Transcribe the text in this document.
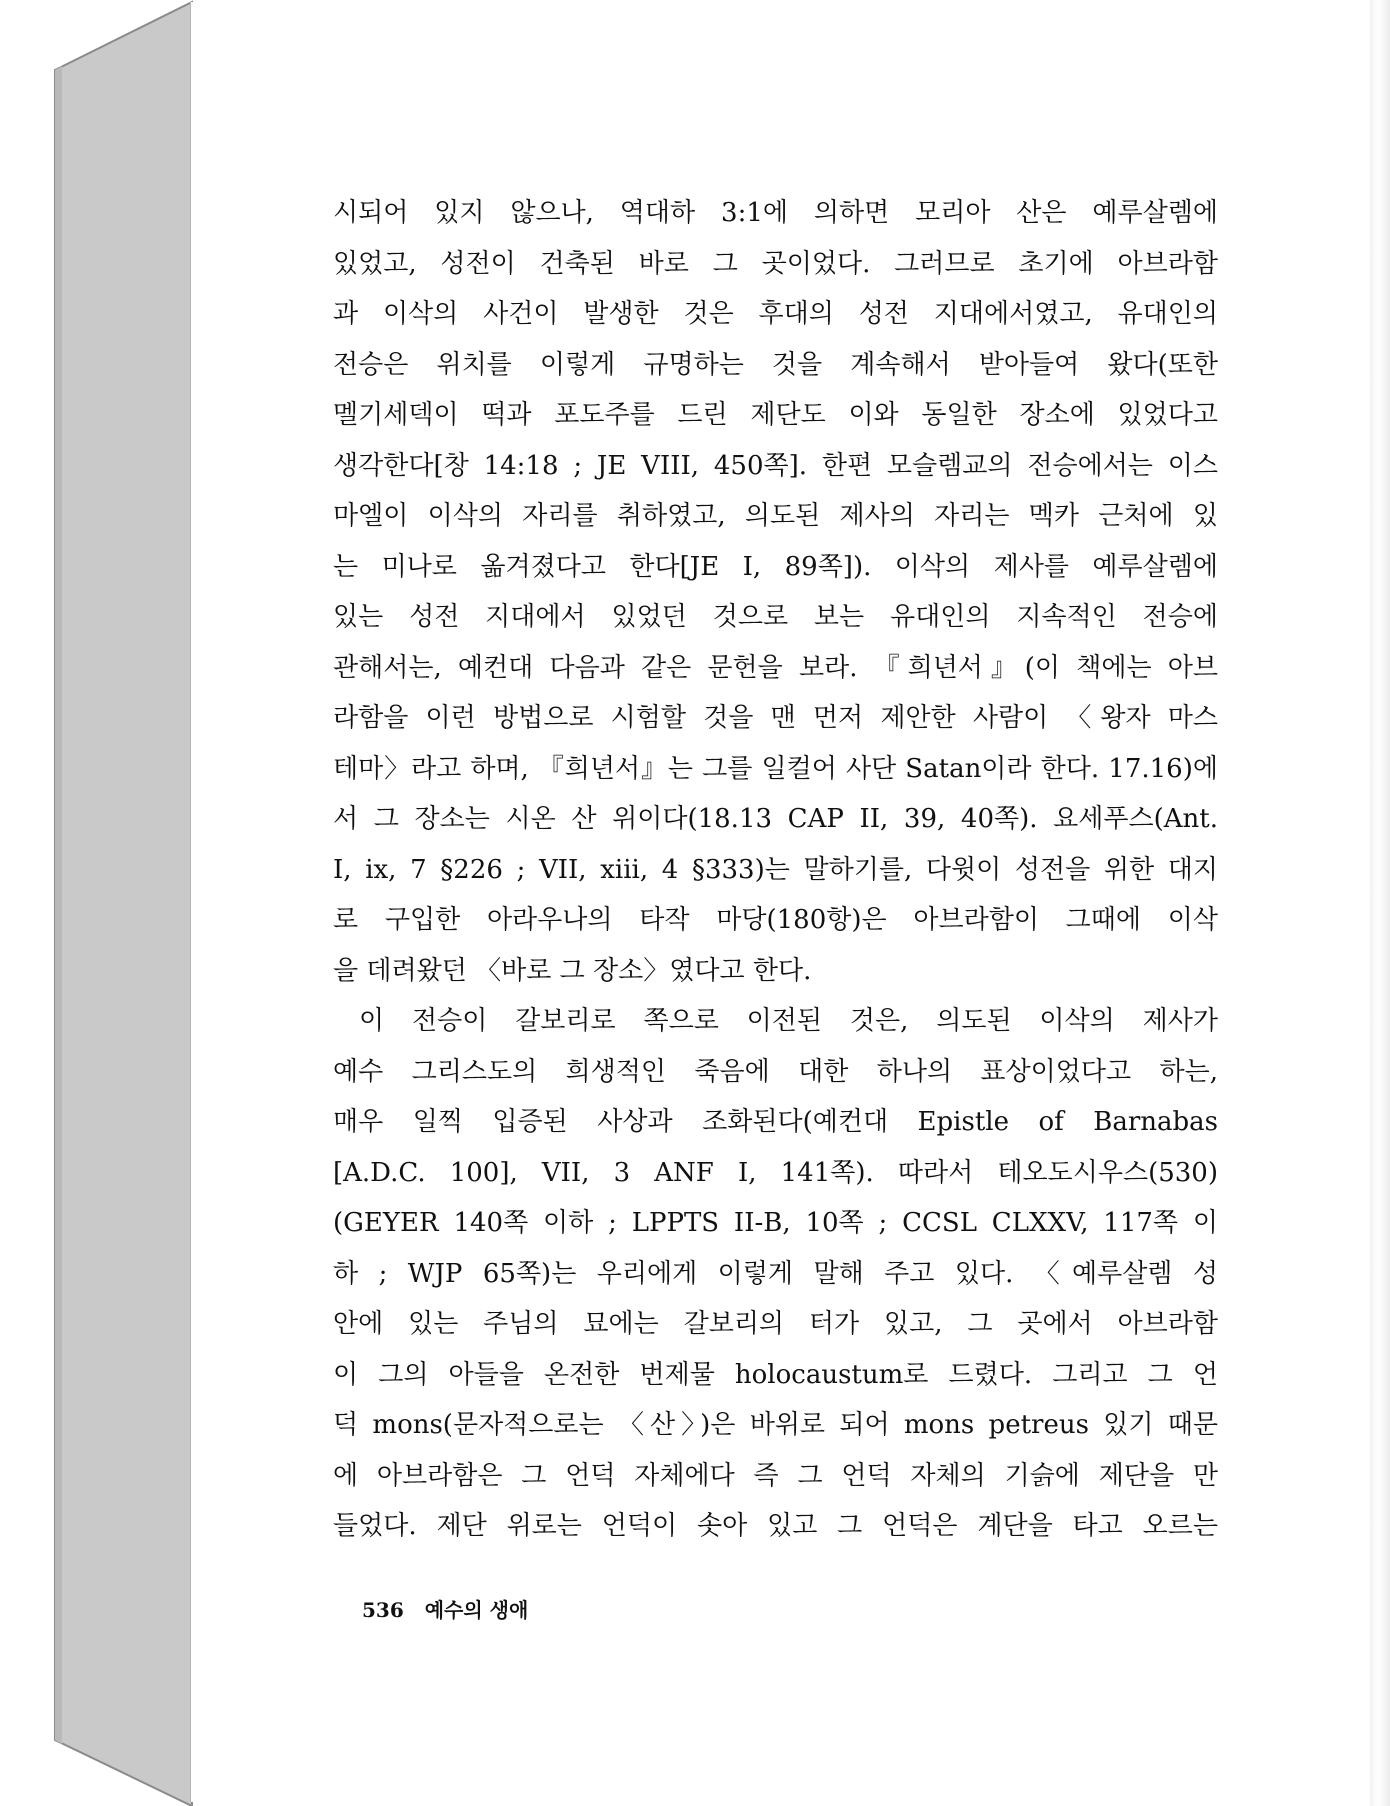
시되어 있지 않으나, 역대하 3:1에 의하면 모리아 산은 예루살렘에
있었고, 성전이 건축된 바로 그 곳이었다. 그러므로 초기에 아브라함
과 이삭의 사건이 발생한 것은 후대의 성전 지대에서였고, 유대인의
전승은 위치를 이렇게 규명하는 것을 계속해서 받아들여 왔다(또한
멜기세덱이 떡과 포도주를 드린 제단도 이와 동일한 장소에 있었다고
생각한다[창 14:18 ; JE VIII, 450쪽]. 한편 모슬렘교의 전승에서는 이스
마엘이 이삭의 자리를 취하였고, 의도된 제사의 자리는 멕카 근처에 있
는 미나로 옮겨졌다고 한다[JE I, 89쪽]). 이삭의 제사를 예루살렘에
있는 성전 지대에서 있었던 것으로 보는 유대인의 지속적인 전승에
관해서는, 예컨대 다음과 같은 문헌을 보라. 『희년서』(이 책에는 아브
라함을 이런 방법으로 시험할 것을 맨 먼저 제안한 사람이 〈왕자 마스
테마〉라고 하며, 『희년서』는 그를 일컬어 사단 Satan이라 한다. 17.16)에
서 그 장소는 시온 산 위이다(18.13 CAP II, 39, 40쪽). 요세푸스(Ant.
I, ix, 7 §226 ; VII, xiii, 4 §333)는 말하기를, 다윗이 성전을 위한 대지
로 구입한 아라우나의 타작 마당(180항)은 아브라함이 그때에 이삭
을 데려왔던 〈바로 그 장소〉였다고 한다.
이 전승이 갈보리로 쪽으로 이전된 것은, 의도된 이삭의 제사가
예수 그리스도의 희생적인 죽음에 대한 하나의 표상이었다고 하는,
매우 일찍 입증된 사상과 조화된다(예컨대 Epistle of Barnabas
[A.D.C. 100], VII, 3 ANF I, 141쪽). 따라서 테오도시우스(530)
(GEYER 140쪽 이하 ; LPPTS II-B, 10쪽 ; CCSL CLXXV, 117쪽 이
하 ; WJP 65쪽)는 우리에게 이렇게 말해 주고 있다. 〈예루살렘 성
안에 있는 주님의 묘에는 갈보리의 터가 있고, 그 곳에서 아브라함
이 그의 아들을 온전한 번제물 holocaustum로 드렸다. 그리고 그 언
덕 mons(문자적으로는 〈산〉)은 바위로 되어 mons petreus 있기 때문
에 아브라함은 그 언덕 자체에다 즉 그 언덕 자체의 기슭에 제단을 만
들었다. 제단 위로는 언덕이 솟아 있고 그 언덕은 계단을 타고 오르는
536 예수의 생애
